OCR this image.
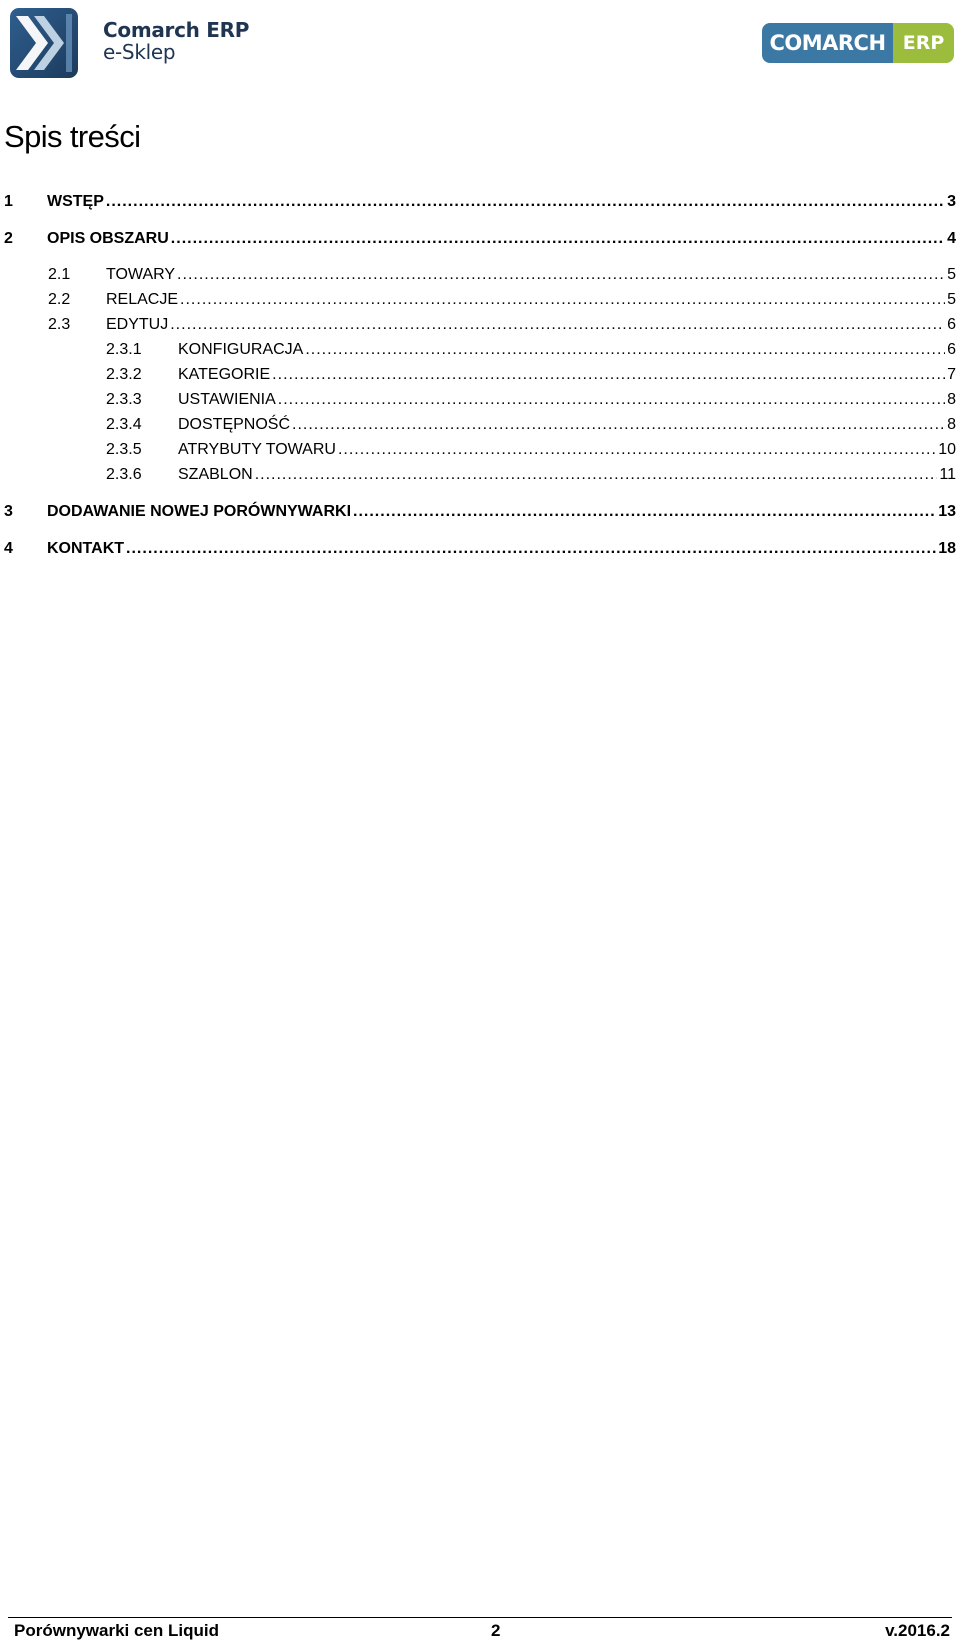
Comarch ERP
e-Sklep	COMARCH ERP
Spis treści
1	WSTĘP .....	3
2	OPIS OBSZARU .....	4
2.1	TOWARY .....	5
2.2	RELACJE .....	5
2.3	EDYTUJ .....	6
2.3.1	KONFIGURACJA .....	6
2.3.2	KATEGORIE .....	7
2.3.3	USTAWIENIA .....	8
2.3.4	DOSTĘPNOŚĆ .....	8
2.3.5	ATRYBUTY TOWARU .....	10
2.3.6	SZABLON .....	11
3	DODAWANIE NOWEJ PORÓWNYWARKI .....	13
4	KONTAKT .....	18
Porównywarki cen Liquid	2	v.2016.2
